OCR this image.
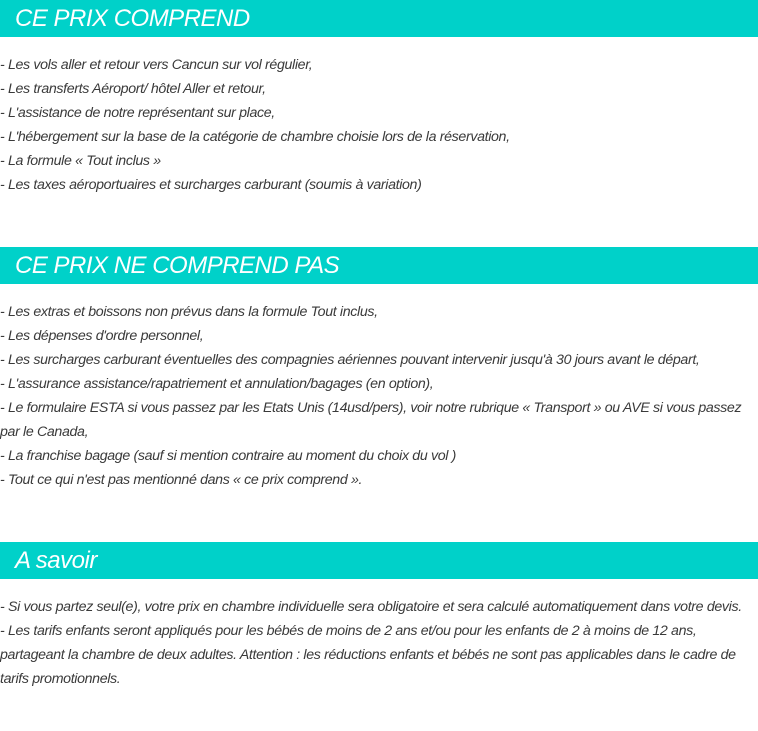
CE PRIX COMPREND
- Les vols aller et retour vers Cancun sur vol régulier,
- Les transferts Aéroport/ hôtel Aller et retour,
- L'assistance de notre représentant sur place,
- L'hébergement sur la base de la catégorie de chambre choisie lors de la réservation,
- La formule « Tout inclus »
- Les taxes aéroportuaires et surcharges carburant (soumis à variation)
CE PRIX NE COMPREND PAS
- Les extras et boissons non prévus dans la formule Tout inclus,
- Les dépenses d'ordre personnel,
- Les surcharges carburant éventuelles des compagnies aériennes pouvant intervenir jusqu'à 30 jours avant le départ,
- L'assurance assistance/rapatriement et annulation/bagages (en option),
- Le formulaire ESTA si vous passez par les Etats Unis (14usd/pers), voir notre rubrique « Transport » ou AVE si vous passez par le Canada,
- La franchise bagage (sauf si mention contraire au moment du choix du vol )
- Tout ce qui n'est pas mentionné dans « ce prix comprend ».
A savoir
- Si vous partez seul(e), votre prix en chambre individuelle sera obligatoire et sera calculé automatiquement dans votre devis.
- Les tarifs enfants seront appliqués pour les bébés de moins de 2 ans et/ou pour les enfants de 2 à moins de 12 ans, partageant la chambre de deux adultes. Attention : les réductions enfants et bébés ne sont pas applicables dans le cadre de tarifs promotionnels.
